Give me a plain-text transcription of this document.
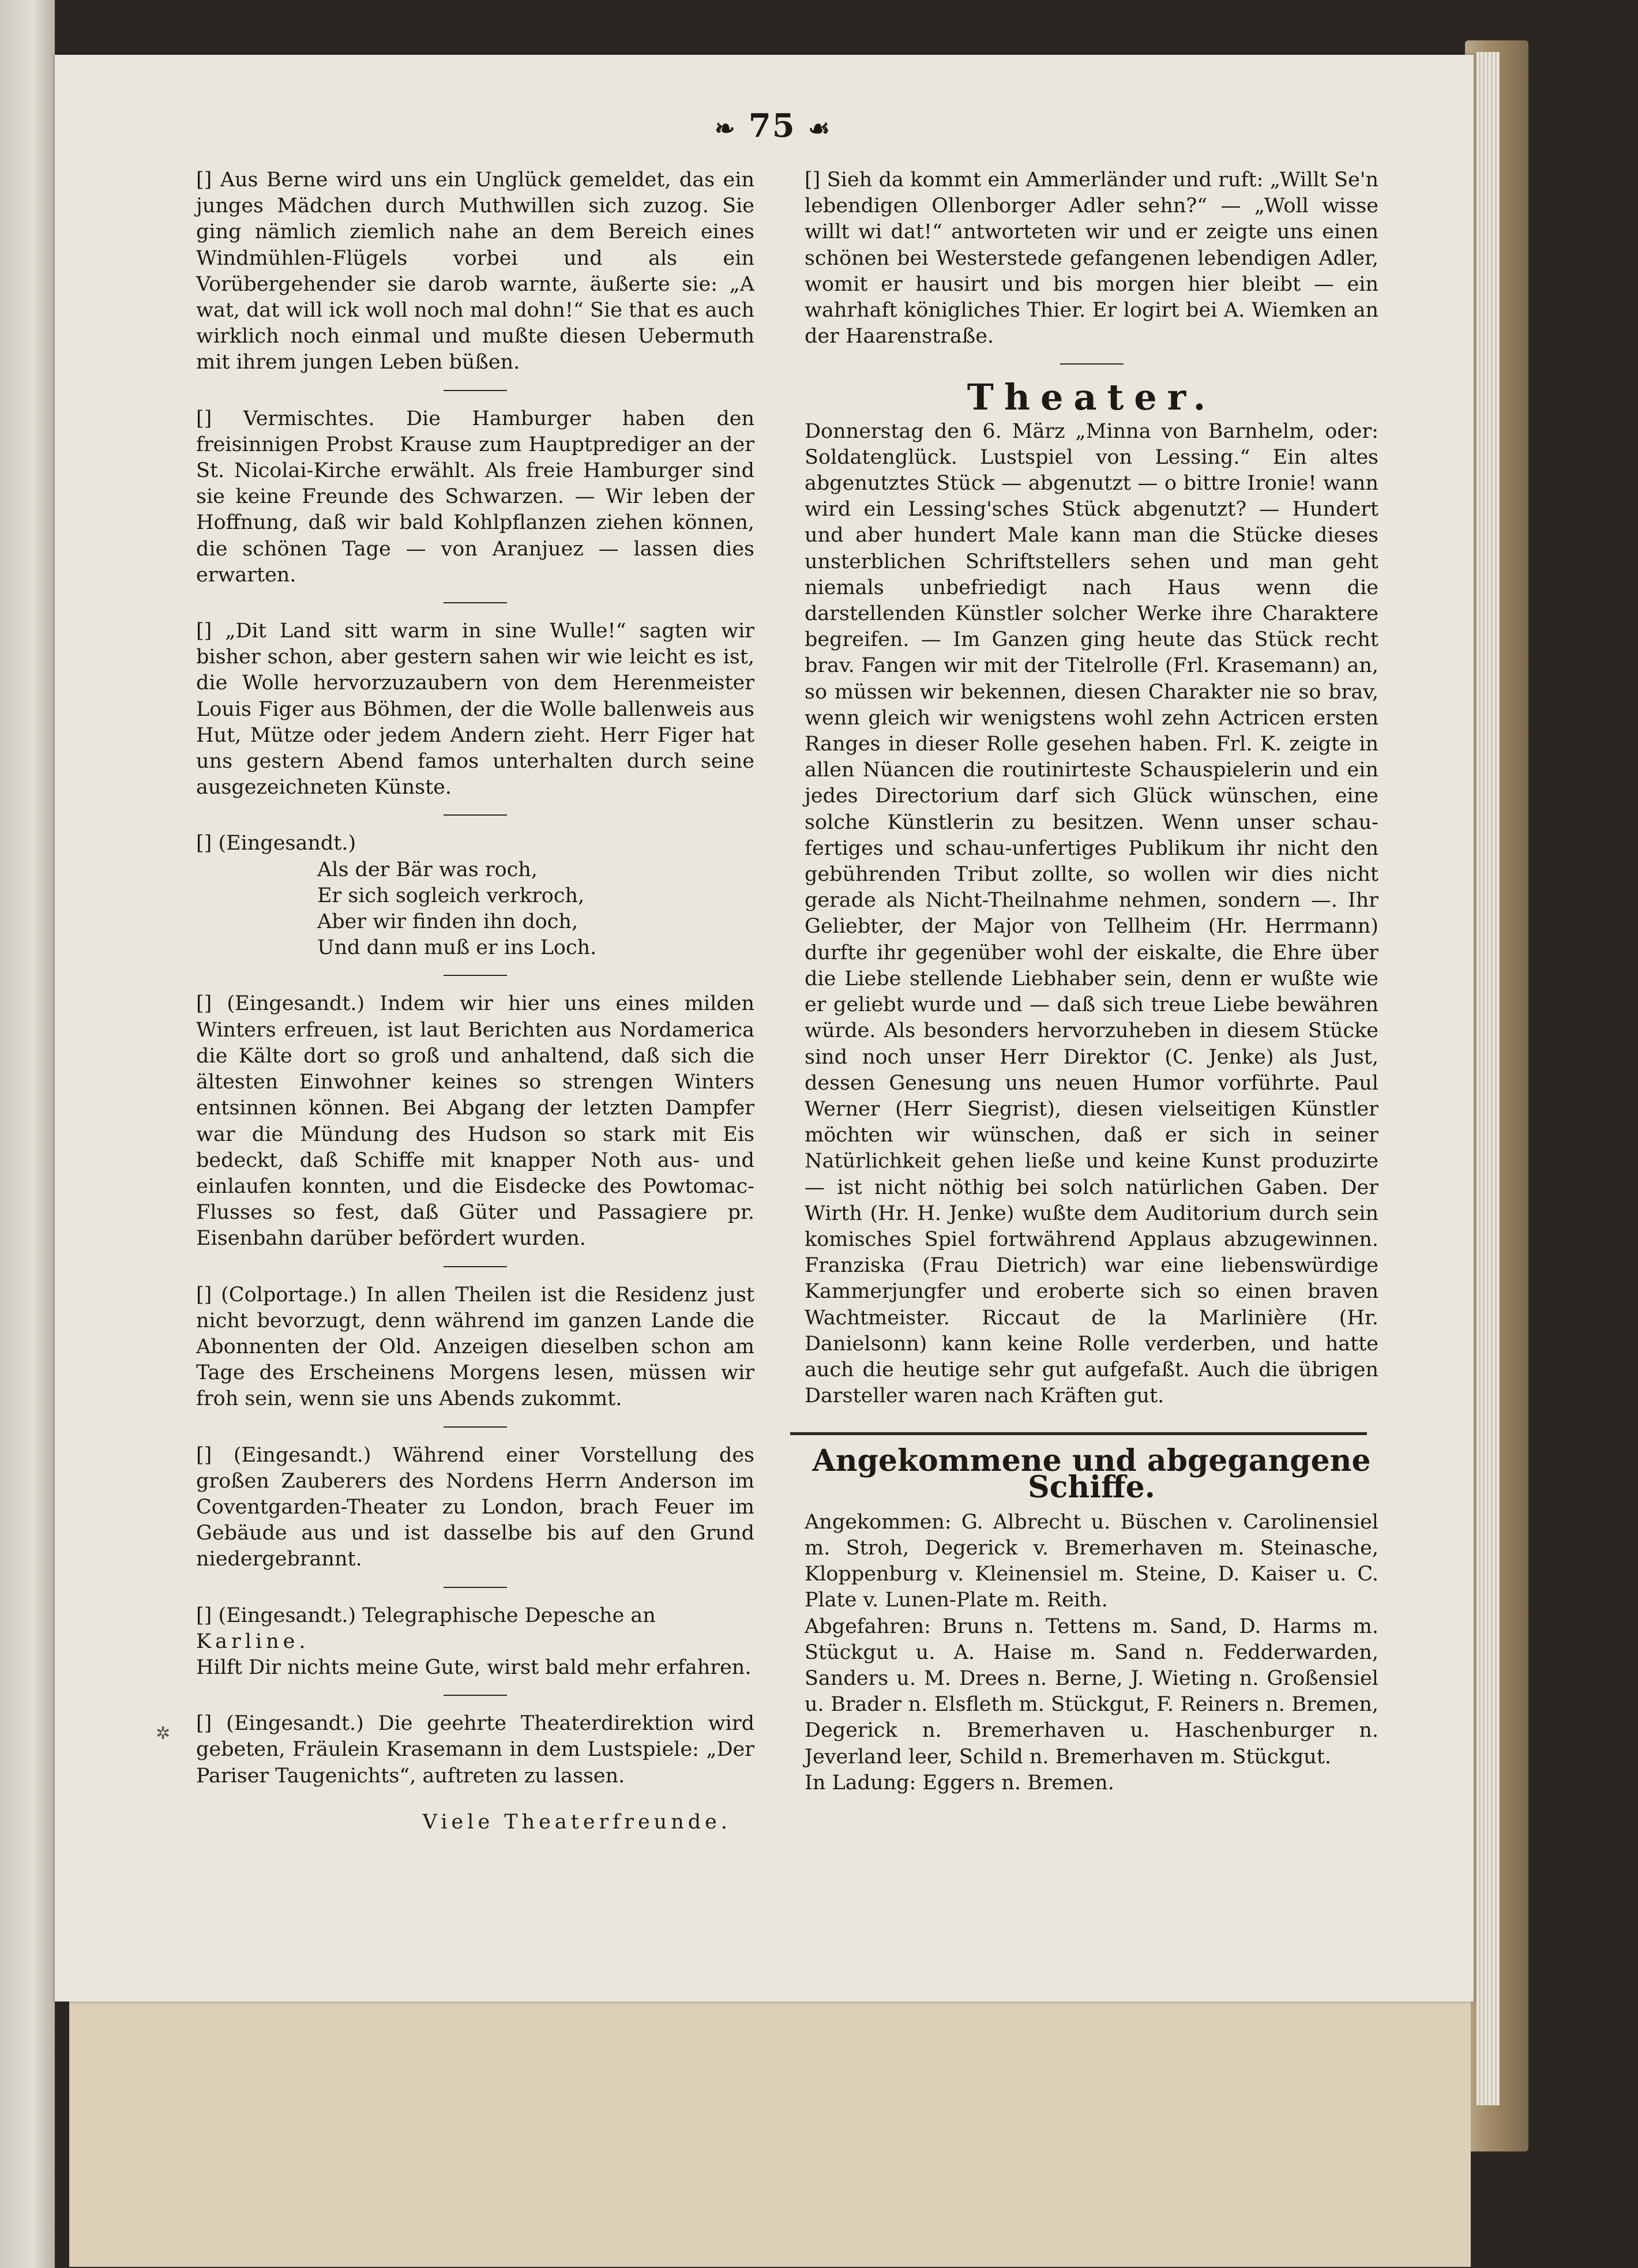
❧ 75 ☙

[] Aus Berne wird uns ein Unglück gemeldet, das ein junges Mädchen durch Muthwillen sich zuzog. Sie ging nämlich ziemlich nahe an dem Bereich eines Windmühlen-Flügels vorbei und als ein Vorübergehender sie darob warnte, äußerte sie: „A wat, dat will ick woll noch mal dohn!“ Sie that es auch wirklich noch einmal und mußte diesen Uebermuth mit ihrem jungen Leben büßen.

[] Vermischtes. Die Hamburger haben den freisinnigen Probst Krause zum Hauptprediger an der St. Nicolai-Kirche erwählt. Als freie Hamburger sind sie keine Freunde des Schwarzen. — Wir leben der Hoffnung, daß wir bald Kohlpflanzen ziehen können, die schönen Tage — von Aranjuez — lassen dies erwarten.

[] „Dit Land sitt warm in sine Wulle!“ sagten wir bisher schon, aber gestern sahen wir wie leicht es ist, die Wolle hervorzuzaubern von dem Herenmeister Louis Figer aus Böhmen, der die Wolle ballenweis aus Hut, Mütze oder jedem Andern zieht. Herr Figer hat uns gestern Abend famos unterhalten durch seine ausgezeichneten Künste.

[] (Eingesandt.)

Als der Bär was roch,

Er sich sogleich verkroch,

Aber wir finden ihn doch,

Und dann muß er ins Loch.

[] (Eingesandt.) Indem wir hier uns eines milden Winters erfreuen, ist laut Berichten aus Nordamerica die Kälte dort so groß und anhaltend, daß sich die ältesten Einwohner keines so strengen Winters entsinnen können. Bei Abgang der letzten Dampfer war die Mündung des Hudson so stark mit Eis bedeckt, daß Schiffe mit knapper Noth aus- und einlaufen konnten, und die Eisdecke des Powtomac-Flusses so fest, daß Güter und Passagiere pr. Eisenbahn darüber befördert wurden.

[] (Colportage.) In allen Theilen ist die Residenz just nicht bevorzugt, denn während im ganzen Lande die Abonnenten der Old. Anzeigen dieselben schon am Tage des Erscheinens Morgens lesen, müssen wir froh sein, wenn sie uns Abends zukommt.

[] (Eingesandt.) Während einer Vorstellung des großen Zauberers des Nordens Herrn Anderson im Coventgarden-Theater zu London, brach Feuer im Gebäude aus und ist dasselbe bis auf den Grund niedergebrannt.

[] (Eingesandt.) Telegraphische Depesche an

Karline.

Hilft Dir nichts meine Gute, wirst bald mehr erfahren.

[] (Eingesandt.) Die geehrte Theaterdirektion wird gebeten, Fräulein Krasemann in dem Lustspiele: „Der Pariser Taugenichts“, auftreten zu lassen.

Viele Theaterfreunde.

[] Sieh da kommt ein Ammerländer und ruft: „Willt Se'n lebendigen Ollenborger Adler sehn?“ — „Woll wisse willt wi dat!“ antworteten wir und er zeigte uns einen schönen bei Westerstede gefangenen lebendigen Adler, womit er hausirt und bis morgen hier bleibt — ein wahrhaft königliches Thier. Er logirt bei A. Wiemken an der Haarenstraße.

Theater.

Donnerstag den 6. März „Minna von Barnhelm, oder: Soldatenglück. Lustspiel von Lessing.“ Ein altes abgenutztes Stück — abgenutzt — o bittre Ironie! wann wird ein Lessing'sches Stück abgenutzt? — Hundert und aber hundert Male kann man die Stücke dieses unsterblichen Schriftstellers sehen und man geht niemals unbefriedigt nach Haus wenn die darstellenden Künstler solcher Werke ihre Charaktere begreifen. — Im Ganzen ging heute das Stück recht brav. Fangen wir mit der Titelrolle (Frl. Krasemann) an, so müssen wir bekennen, diesen Charakter nie so brav, wenn gleich wir wenigstens wohl zehn Actricen ersten Ranges in dieser Rolle gesehen haben. Frl. K. zeigte in allen Nüancen die routinirteste Schauspielerin und ein jedes Directorium darf sich Glück wünschen, eine solche Künstlerin zu besitzen. Wenn unser schau-fertiges und schau-unfertiges Publikum ihr nicht den gebührenden Tribut zollte, so wollen wir dies nicht gerade als Nicht-Theilnahme nehmen, sondern —. Ihr Geliebter, der Major von Tellheim (Hr. Herrmann) durfte ihr gegenüber wohl der eiskalte, die Ehre über die Liebe stellende Liebhaber sein, denn er wußte wie er geliebt wurde und — daß sich treue Liebe bewähren würde. Als besonders hervorzuheben in diesem Stücke sind noch unser Herr Direktor (C. Jenke) als Just, dessen Genesung uns neuen Humor vorführte. Paul Werner (Herr Siegrist), diesen vielseitigen Künstler möchten wir wünschen, daß er sich in seiner Natürlichkeit gehen ließe und keine Kunst produzirte — ist nicht nöthig bei solch natürlichen Gaben. Der Wirth (Hr. H. Jenke) wußte dem Auditorium durch sein komisches Spiel fortwährend Applaus abzugewinnen. Franziska (Frau Dietrich) war eine liebenswürdige Kammerjungfer und eroberte sich so einen braven Wachtmeister. Riccaut de la Marlinière (Hr. Danielsonn) kann keine Rolle verderben, und hatte auch die heutige sehr gut aufgefaßt. Auch die übrigen Darsteller waren nach Kräften gut.

Angekommene und abgegangene Schiffe.

Angekommen: G. Albrecht u. Büschen v. Carolinensiel m. Stroh, Degerick v. Bremerhaven m. Steinasche, Kloppenburg v. Kleinensiel m. Steine, D. Kaiser u. C. Plate v. Lunen-Plate m. Reith.

Abgefahren: Bruns n. Tettens m. Sand, D. Harms m. Stückgut u. A. Haise m. Sand n. Fedderwarden, Sanders u. M. Drees n. Berne, J. Wieting n. Großensiel u. Brader n. Elsfleth m. Stückgut, F. Reiners n. Bremen, Degerick n. Bremerhaven u. Haschenburger n. Jeverland leer, Schild n. Bremerhaven m. Stückgut.

In Ladung: Eggers n. Bremen.

✲
